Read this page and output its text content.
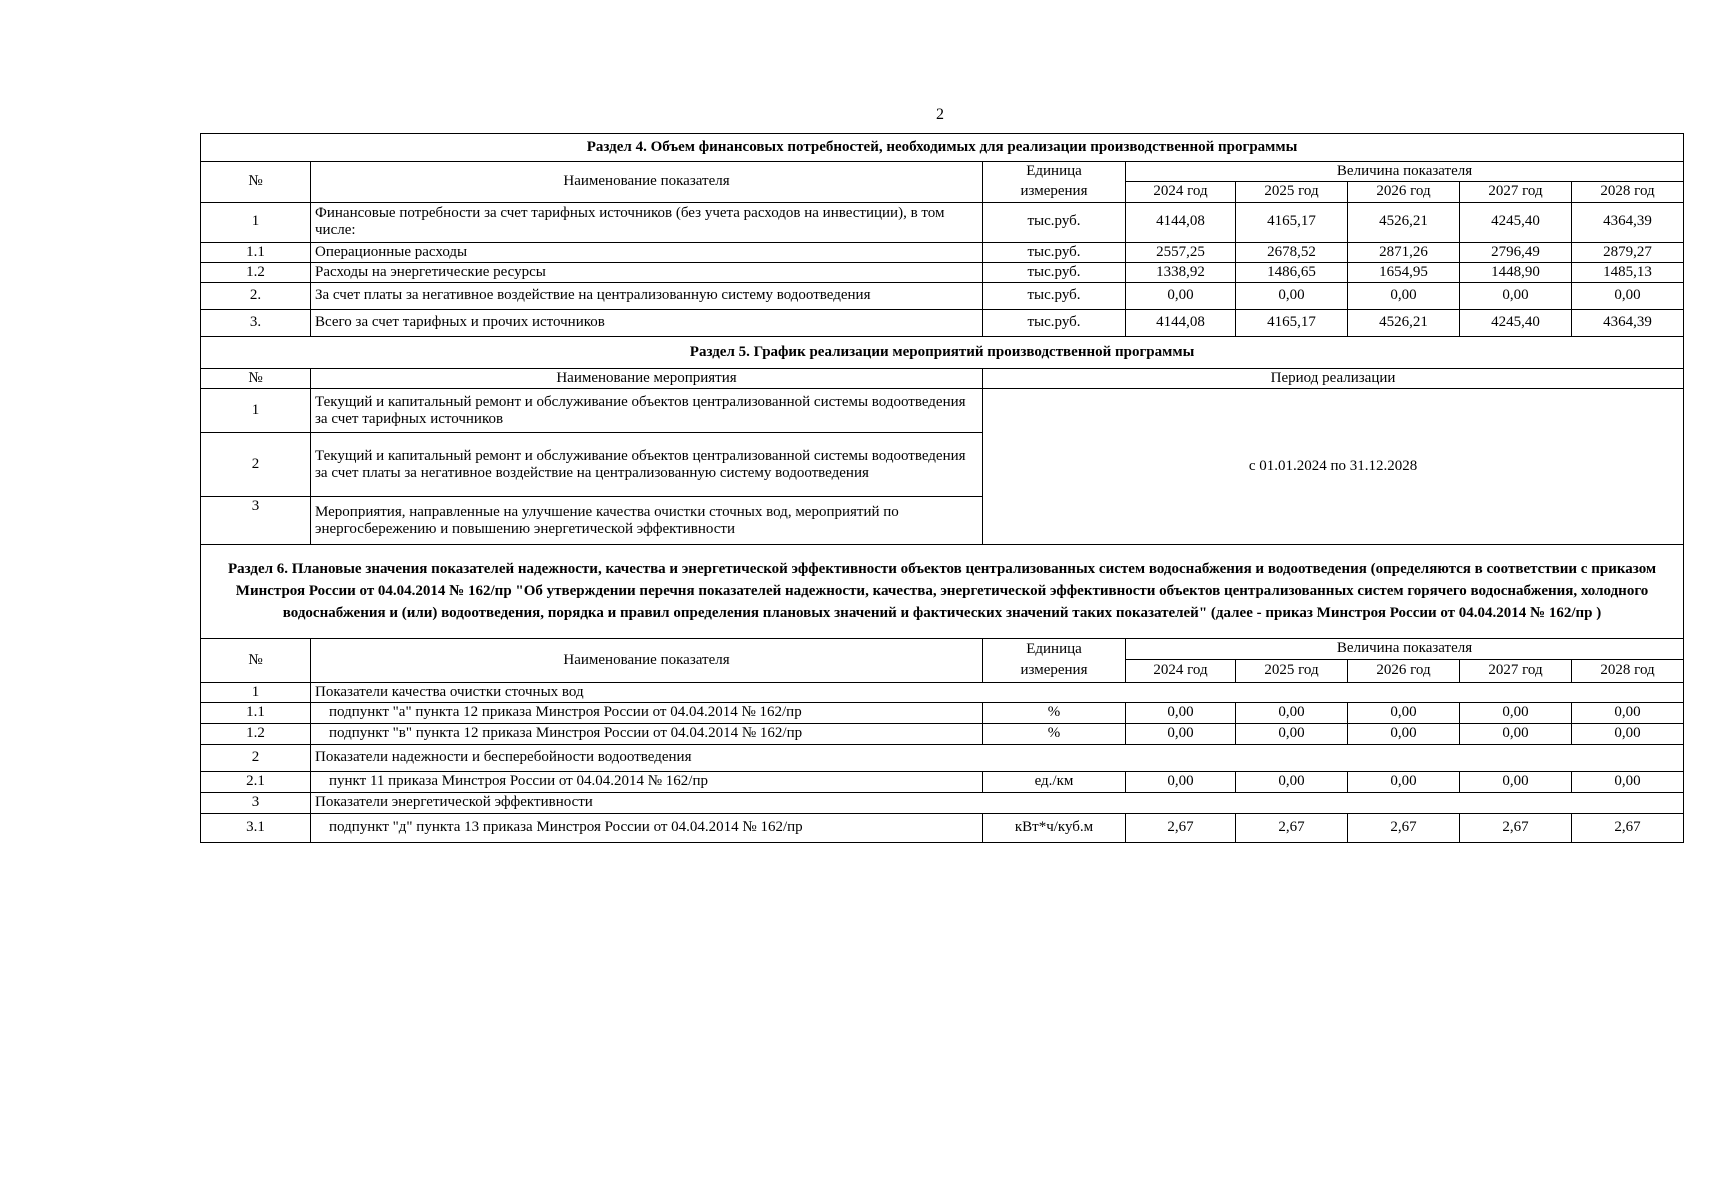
2
Раздел 4. Объем финансовых потребностей, необходимых для реализации производственной программы							
№	Наименование показателя	Единица	Величина показателя				
		измерения	2024 год	2025 год	2026 год	2027 год	2028 год
1	Финансовые потребности за счет тарифных источников (без учета расходов на инвестиции), в том числе:	тыс.руб.	4144,08	4165,17	4526,21	4245,40	4364,39
1.1	Операционные расходы	тыс.руб.	2557,25	2678,52	2871,26	2796,49	2879,27
1.2	Расходы на энергетические ресурсы	тыс.руб.	1338,92	1486,65	1654,95	1448,90	1485,13
2.	За счет платы за негативное воздействие на централизованную систему водоотведения	тыс.руб.	0,00	0,00	0,00	0,00	0,00
3.	Всего за счет тарифных и прочих источников	тыс.руб.	4144,08	4165,17	4526,21	4245,40	4364,39
Раздел 5. График реализации мероприятий производственной программы							
№	Наименование мероприятия	Период реализации					
1	Текущий и капитальный ремонт и обслуживание объектов централизованной системы водоотведения за счет тарифных источников	с 01.01.2024 по 31.12.2028					
2	Текущий и капитальный ремонт и обслуживание объектов централизованной системы водоотведения за счет платы за негативное воздействие на централизованную систему водоотведения						
3	Мероприятия, направленные на улучшение качества очистки сточных вод, мероприятий по энергосбережению и повышению энергетической эффективности						
Раздел 6. Плановые значения показателей надежности, качества и энергетической эффективности объектов централизованных систем водоснабжения и водоотведения (определяются в соответствии с приказом Минстроя России от 04.04.2014 № 162/пр "Об утверждении перечня показателей надежности, качества, энергетической эффективности объектов централизованных систем горячего водоснабжения, холодного водоснабжения и (или) водоотведения, порядка и правил определения плановых значений и фактических значений таких показателей" (далее - приказ Минстроя России от 04.04.2014 № 162/пр )							
№	Наименование показателя	Единица	Величина показателя				
		измерения	2024 год	2025 год	2026 год	2027 год	2028 год
1	Показатели качества очистки сточных вод						
1.1	подпункт "а" пункта 12 приказа Минстроя России от 04.04.2014 № 162/пр	%	0,00	0,00	0,00	0,00	0,00
1.2	подпункт "в" пункта 12 приказа Минстроя России от 04.04.2014 № 162/пр	%	0,00	0,00	0,00	0,00	0,00
2	Показатели надежности и бесперебойности водоотведения						
2.1	пункт 11 приказа Минстроя России от 04.04.2014 № 162/пр	ед./км	0,00	0,00	0,00	0,00	0,00
3	Показатели энергетической эффективности						
3.1	подпункт "д" пункта 13 приказа Минстроя России от 04.04.2014 № 162/пр	кВт*ч/куб.м	2,67	2,67	2,67	2,67	2,67
